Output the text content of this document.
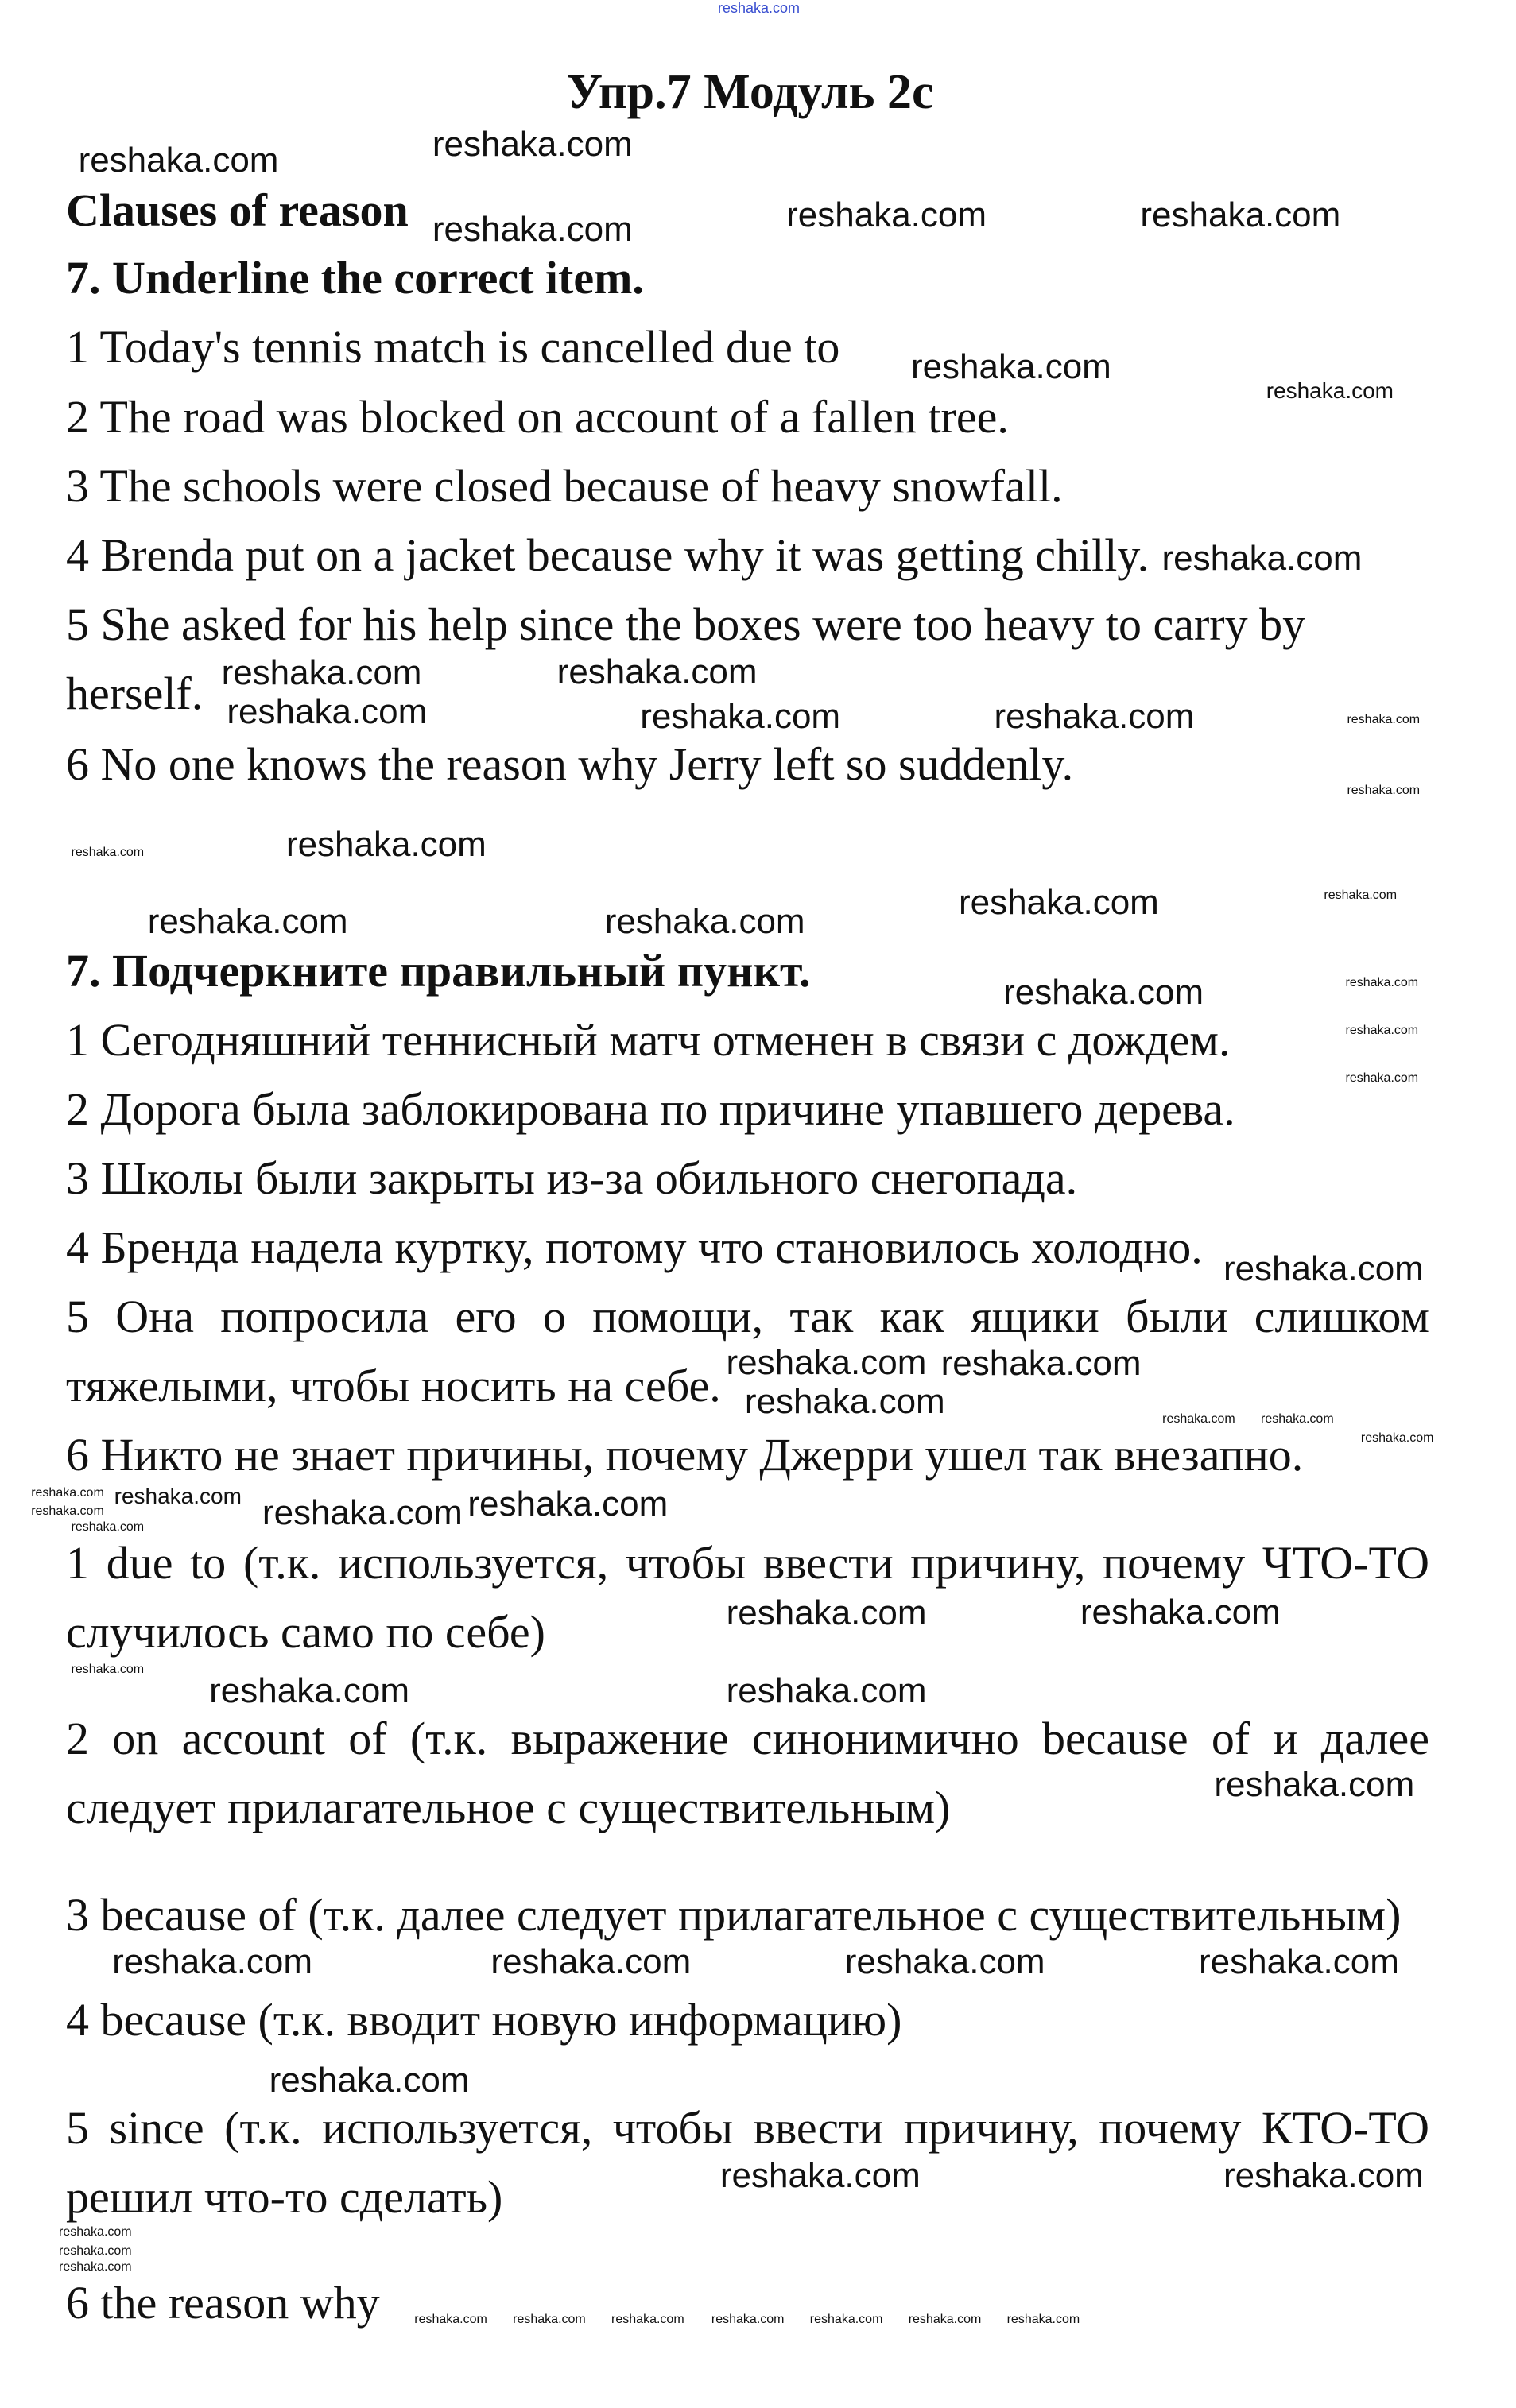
Упр.7 Модуль 2с
Clauses of reason
7. Underline the correct item.
1 Today's tennis match is cancelled due to
2 The road was blocked on account of a fallen tree.
3 The schools were closed because of heavy snowfall.
4 Brenda put on a jacket because why it was getting chilly.
5 She asked for his help since the boxes were too heavy to carry by
herself.
6 No one knows the reason why Jerry left so suddenly.
7. Подчеркните правильный пункт.
1 Сегодняшний теннисный матч отменен в связи с дождем.
2 Дорога была заблокирована по причине упавшего дерева.
3 Школы были закрыты из-за обильного снегопада.
4 Бренда надела куртку, потому что становилось холодно.
5 Она попросила его о помощи, так как ящики были слишком
тяжелыми, чтобы носить на себе.
6 Никто не знает причины, почему Джерри ушел так внезапно.
1 due to (т.к. используется, чтобы ввести причину, почему ЧТО-ТО
случилось само по себе)
2 on account of (т.к. выражение синонимично because of и далее
следует прилагательное с существительным)
3 because of (т.к. далее следует прилагательное с существительным)
4 because (т.к. вводит новую информацию)
5 since (т.к. используется, чтобы ввести причину, почему КТО-ТО
решил что-то сделать)
6 the reason why
reshaka.com
reshaka.com
reshaka.com	reshaka.com
reshaka.com
reshaka.com
reshaka.com
reshaka.com	reshaka.com
reshaka.com
reshaka.com	reshaka.com	reshaka.com
reshaka.com
reshaka.com
reshaka.com	reshaka.com
reshaka.com
reshaka.com
reshaka.com
reshaka.com
reshaka.com
reshaka.com
reshaka.com
reshaka.com	reshaka.com
reshaka.com	reshaka.com
reshaka.com
reshaka.com	reshaka.com	reshaka.com	reshaka.com
reshaka.com
reshaka.com	reshaka.com
reshaka.com
reshaka.com
reshaka.com
reshaka.com
reshaka.com
reshaka.com
reshaka.com
reshaka.com
reshaka.com
reshaka.com
reshaka.com
reshaka.com reshaka.com
reshaka.com
reshaka.com
reshaka.com
reshaka.com
reshaka.com
reshaka.com
reshaka.com reshaka.com reshaka.com reshaka.com reshaka.com reshaka.com reshaka.com
